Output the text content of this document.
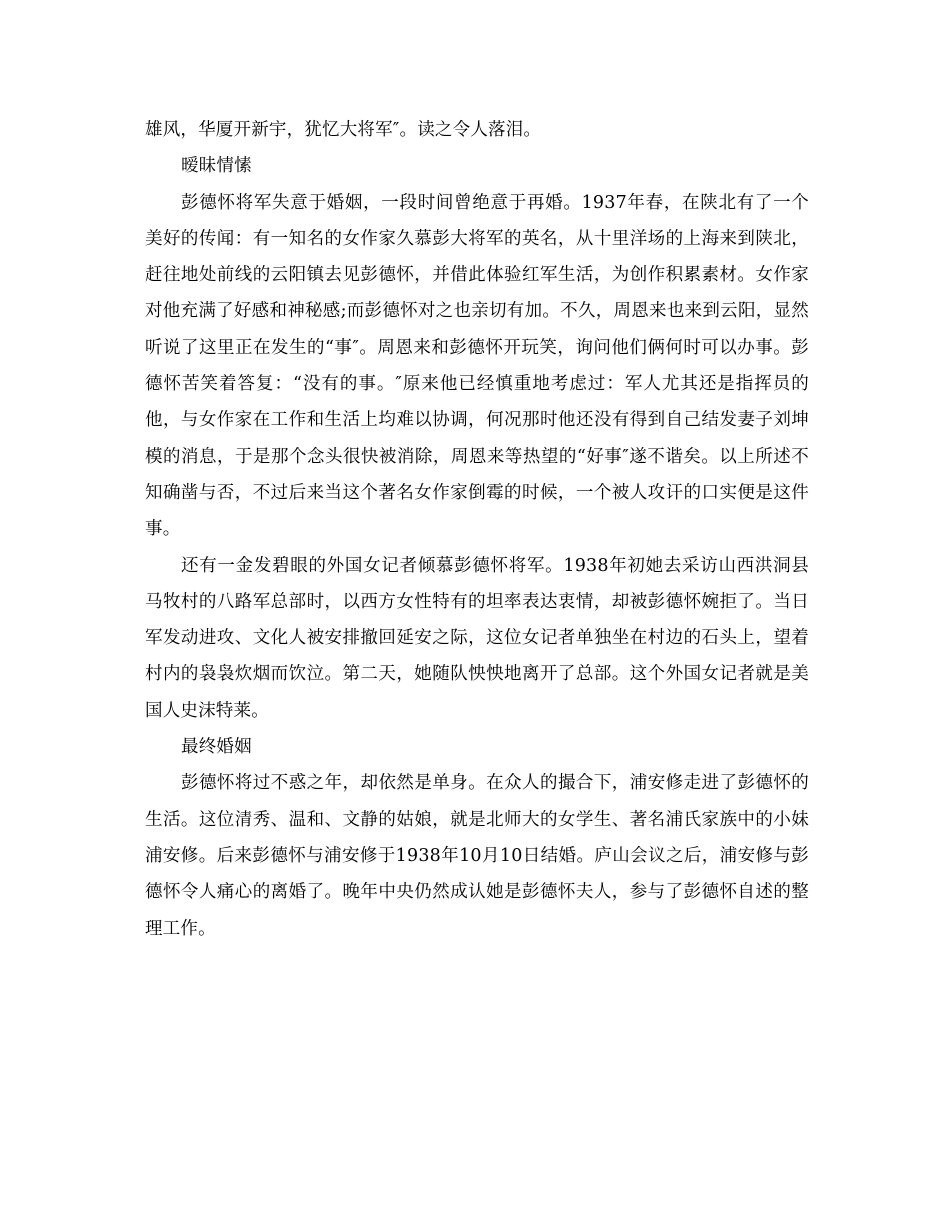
雄风，华厦开新宇，犹忆大将军″。读之令人落泪。

暧昧情愫

彭德怀将军失意于婚姻，一段时间曾绝意于再婚。1937年春，在陕北有了一个美好的传闻：有一知名的女作家久慕彭大将军的英名，从十里洋场的上海来到陕北，赶往地处前线的云阳镇去见彭德怀，并借此体验红军生活，为创作积累素材。女作家对他充满了好感和神秘感;而彭德怀对之也亲切有加。不久，周恩来也来到云阳，显然听说了这里正在发生的“事″。周恩来和彭德怀开玩笑，询问他们俩何时可以办事。彭德怀苦笑着答复：“没有的事。″原来他已经慎重地考虑过：军人尤其还是指挥员的他，与女作家在工作和生活上均难以协调，何况那时他还没有得到自己结发妻子刘坤模的消息，于是那个念头很快被消除，周恩来等热望的“好事″遂不谐矣。以上所述不知确凿与否，不过后来当这个著名女作家倒霉的时候，一个被人攻讦的口实便是这件事。

还有一金发碧眼的外国女记者倾慕彭德怀将军。1938年初她去采访山西洪洞县马牧村的八路军总部时，以西方女性特有的坦率表达衷情，却被彭德怀婉拒了。当日军发动进攻、文化人被安排撤回延安之际，这位女记者单独坐在村边的石头上，望着村内的袅袅炊烟而饮泣。第二天，她随队怏怏地离开了总部。这个外国女记者就是美国人史沫特莱。

最终婚姻

彭德怀将过不惑之年，却依然是单身。在众人的撮合下，浦安修走进了彭德怀的生活。这位清秀、温和、文静的姑娘，就是北师大的女学生、著名浦氏家族中的小妹浦安修。后来彭德怀与浦安修于1938年10月10日结婚。庐山会议之后，浦安修与彭德怀令人痛心的离婚了。晚年中央仍然成认她是彭德怀夫人，参与了彭德怀自述的整理工作。
